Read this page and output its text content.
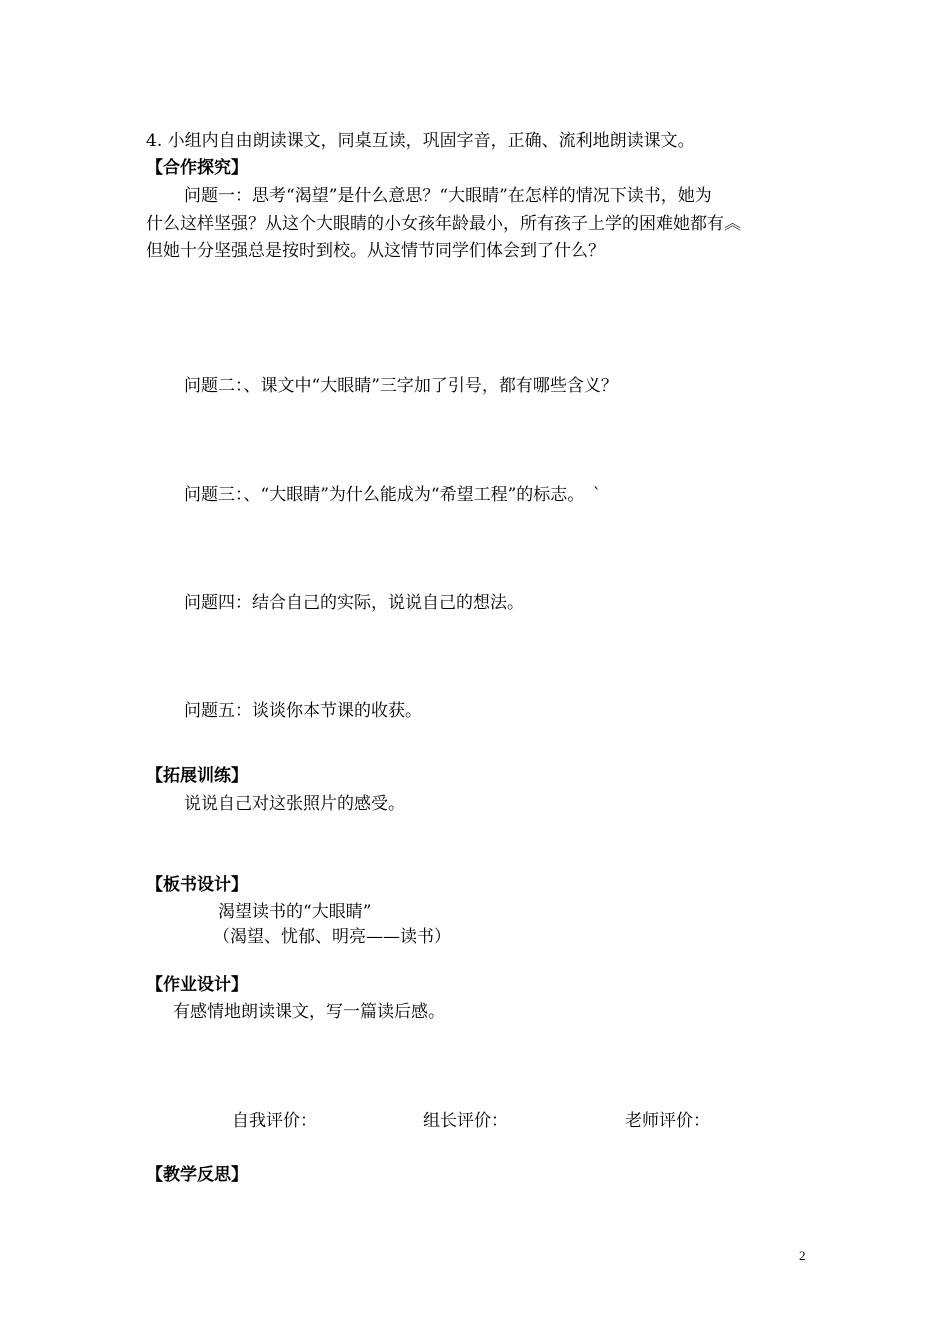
4. 小组内自由朗读课文，同桌互读，巩固字音，正确、流利地朗读课文。
【合作探究】
问题一：思考“渴望”是什么意思？“大眼睛”在怎样的情况下读书，她为
什么这样坚强？从这个大眼睛的小女孩年龄最小，所有孩子上学的困难她都有︽
但她十分坚强总是按时到校。从这情节同学们体会到了什么？
问题二：、课文中“大眼睛”三字加了引号，都有哪些含义？
问题三：、“大眼睛”为什么能成为“希望工程”的标志。　`
问题四：结合自己的实际，说说自己的想法。
问题五：谈谈你本节课的收获。
【拓展训练】
说说自己对这张照片的感受。
【板书设计】
渴望读书的“大眼睛”
（渴望、忧郁、明亮——读书）
【作业设计】
有感情地朗读课文，写一篇读后感。
自我评价：	组长评价：	老师评价：
【教学反思】
2
